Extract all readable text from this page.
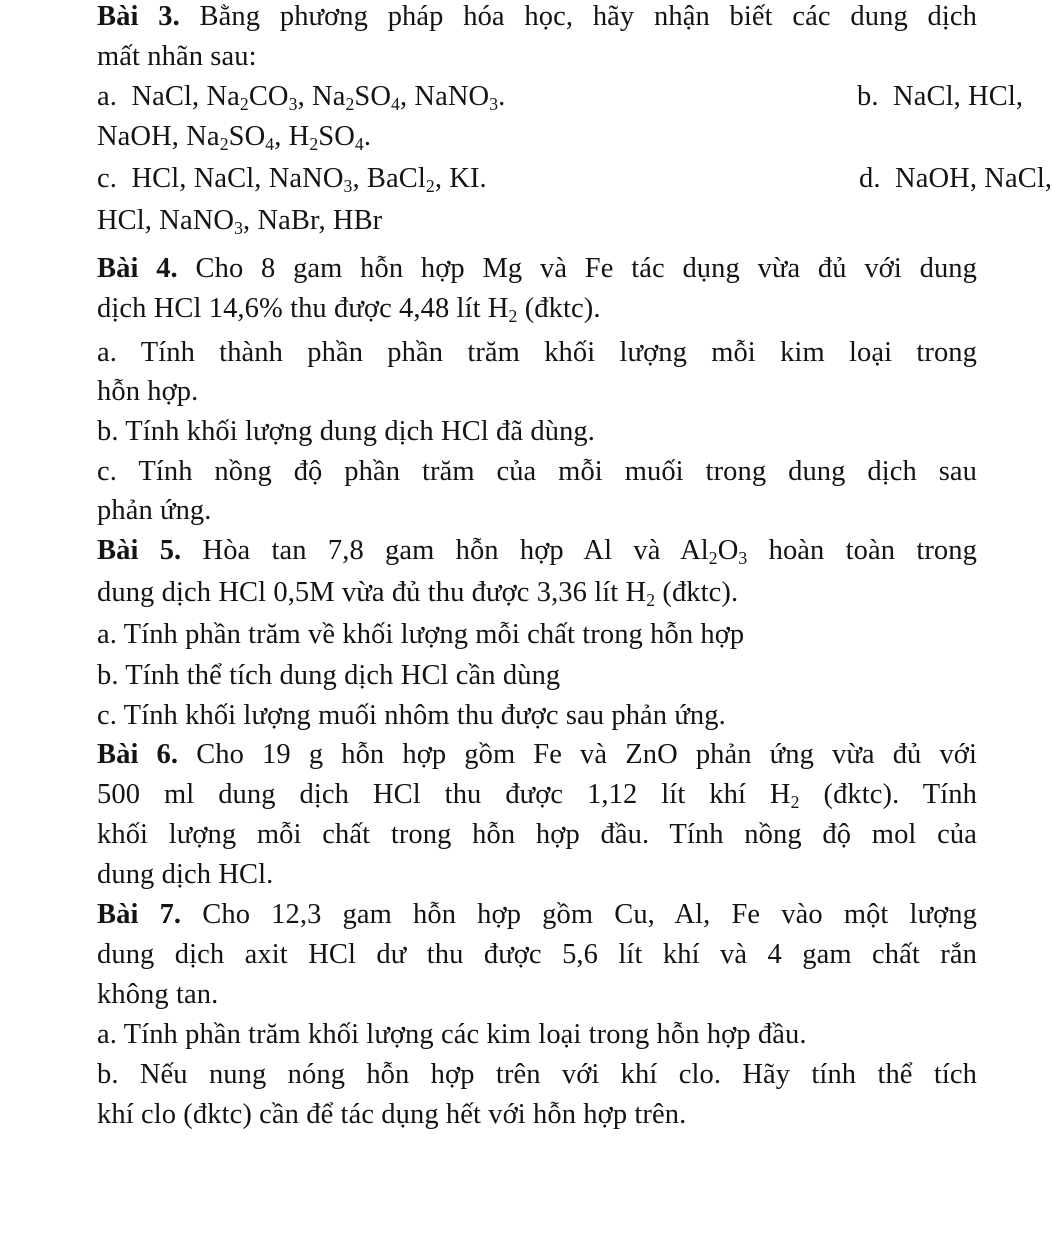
Bài 3. Bằng phương pháp hóa học, hãy nhận biết các dung dịch
mất nhãn sau:
a. NaCl, $Na_2CO_3$, $Na_2SO_4$, NaNO$_3$.	b. NaCl, HCl,
NaOH, $Na_2SO_4$, $H_2SO_4$.
c. HCl, NaCl, NaNO$_3$, BaCl$_2$, KI.	d. NaOH, NaCl,
HCl, NaNO$_3$, NaBr, HBr
Bài 4. Cho 8 gam hỗn hợp Mg và Fe tác dụng vừa đủ với dung
dịch HCl 14,6% thu được 4,48 lít $H_2$ (đktc).
a. Tính thành phần phần trăm khối lượng mỗi kim loại trong
hỗn hợp.
b. Tính khối lượng dung dịch HCl đã dùng.
c. Tính nồng độ phần trăm của mỗi muối trong dung dịch sau
phản ứng.
Bài 5. Hòa tan 7,8 gam hỗn hợp Al và $Al_2O_3$ hoàn toàn trong
dung dịch HCl 0,5M vừa đủ thu được 3,36 lít $H_2$ (đktc).
a. Tính phần trăm về khối lượng mỗi chất trong hỗn hợp
b. Tính thể tích dung dịch HCl cần dùng
c. Tính khối lượng muối nhôm thu được sau phản ứng.
Bài 6. Cho 19 g hỗn hợp gồm Fe và ZnO phản ứng vừa đủ với
500 ml dung dịch HCl thu được 1,12 lít khí $H_2$ (đktc). Tính
khối lượng mỗi chất trong hỗn hợp đầu. Tính nồng độ mol của
dung dịch HCl.
Bài 7. Cho 12,3 gam hỗn hợp gồm Cu, Al, Fe vào một lượng
dung dịch axit HCl dư thu được 5,6 lít khí và 4 gam chất rắn
không tan.
a. Tính phần trăm khối lượng các kim loại trong hỗn hợp đầu.
b. Nếu nung nóng hỗn hợp trên với khí clo. Hãy tính thể tích
khí clo (đktc) cần để tác dụng hết với hỗn hợp trên.
